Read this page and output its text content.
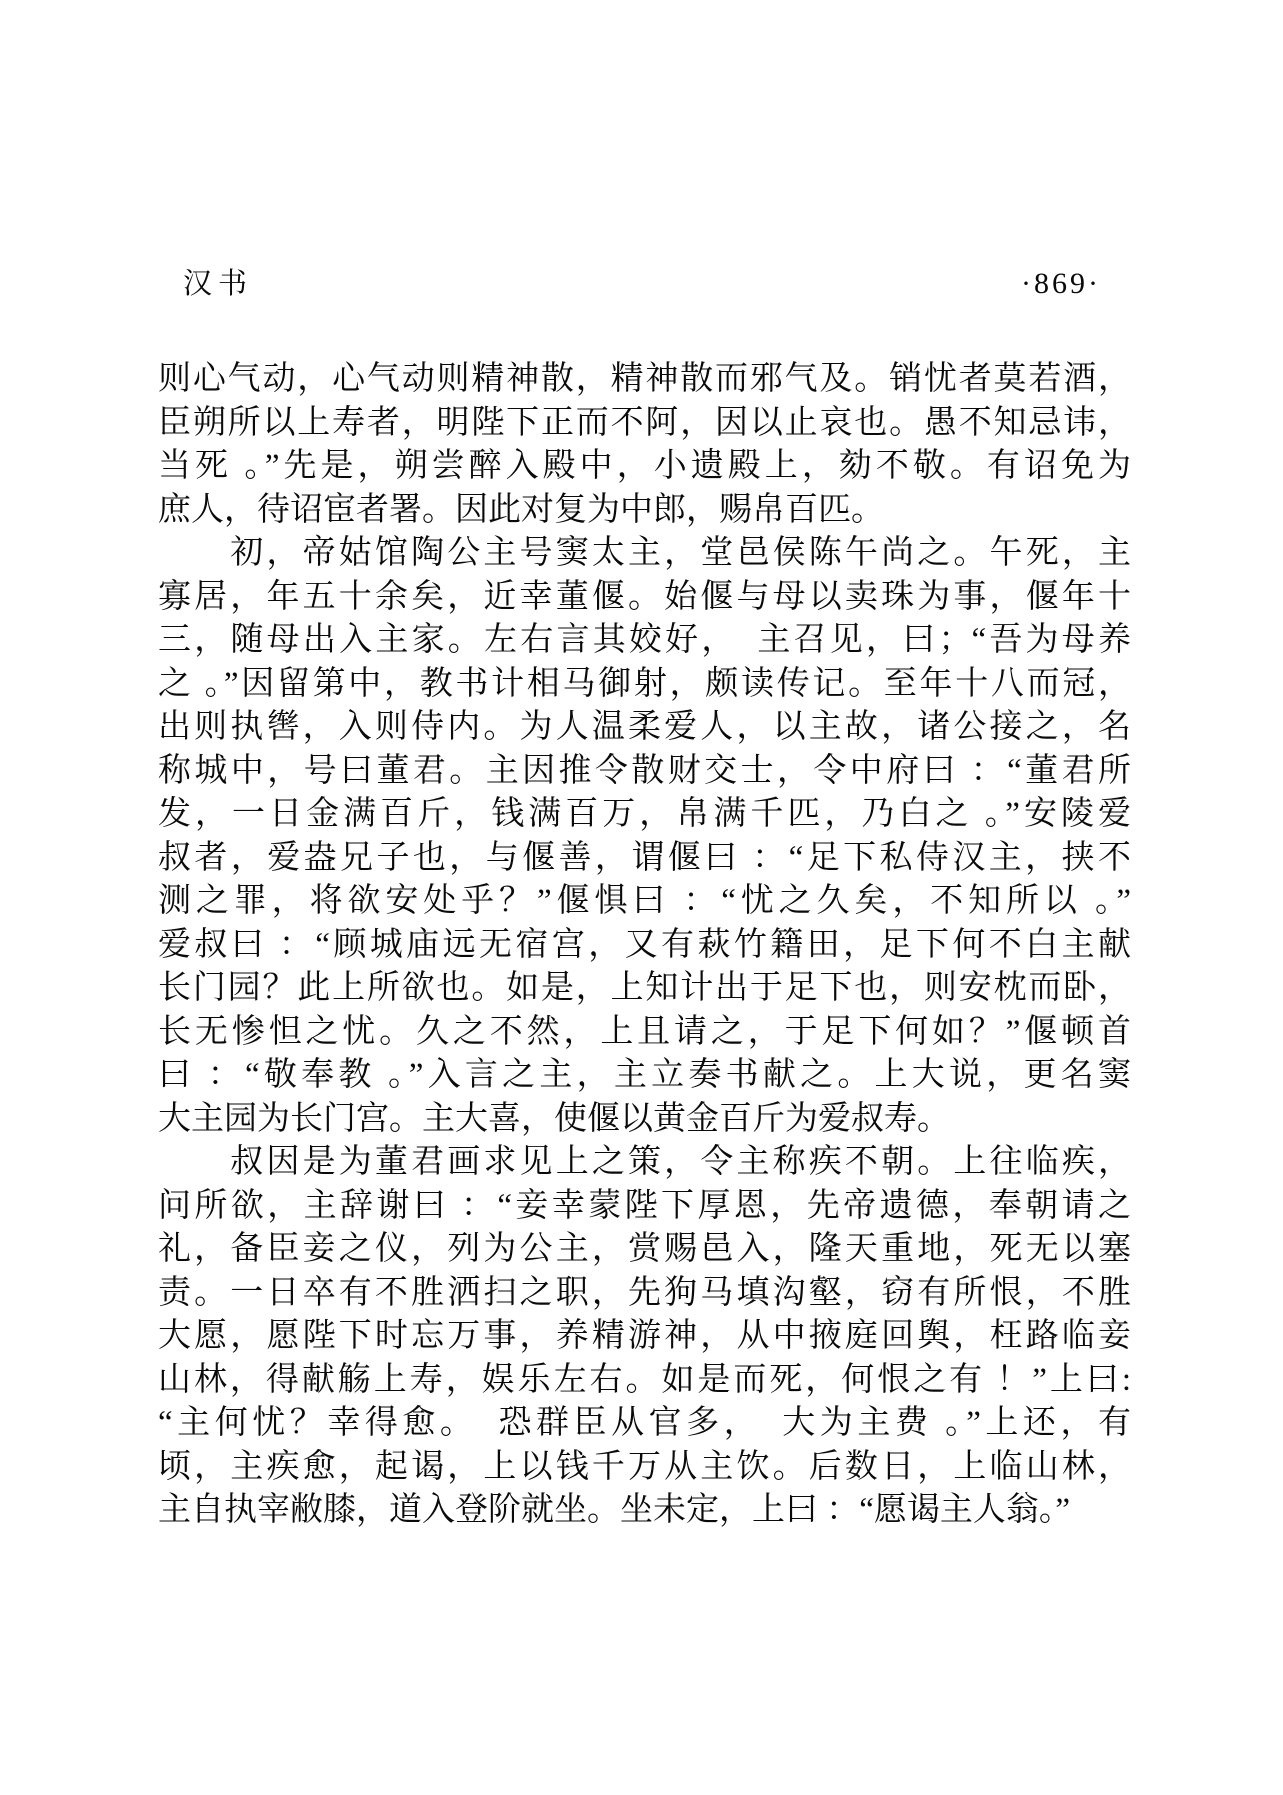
汉书	·869·
则心气动，心气动则精神散，精神散而邪气及。销忧者莫若酒，
臣朔所以上寿者，明陛下正而不阿，因以止哀也。愚不知忌讳，
当死 。”先是，朔尝醉入殿中，小遗殿上，劾不敬。有诏免为
庶人，待诏宦者署。因此对复为中郎，赐帛百匹。
　　初，帝姑馆陶公主号窦太主，堂邑侯陈午尚之。午死，主
寡居，年五十余矣，近幸董偃。始偃与母以卖珠为事，偃年十
三，随母出入主家。左右言其姣好，　主召见，曰；“吾为母养
之 。”因留第中，教书计相马御射，颇读传记。至年十八而冠，
出则执辔，入则侍内。为人温柔爱人，以主故，诸公接之，名
称城中，号曰董君。主因推令散财交士，令中府曰 ：“董君所
发，一日金满百斤，钱满百万，帛满千匹，乃白之 。”安陵爱
叔者，爱盎兄子也，与偃善，谓偃曰 ：“足下私侍汉主，挟不
测之罪，将欲安处乎？”偃惧曰 ：“忧之久矣，不知所以 。”
爱叔曰 ：“顾城庙远无宿宫，又有萩竹籍田，足下何不白主献
长门园？此上所欲也。如是，上知计出于足下也，则安枕而卧，
长无惨怛之忧。久之不然，上且请之，于足下何如？”偃顿首
曰 ：“敬奉教 。”入言之主，主立奏书献之。上大说，更名窦
大主园为长门宫。主大喜，使偃以黄金百斤为爱叔寿。
　　叔因是为董君画求见上之策，令主称疾不朝。上往临疾，
问所欲，主辞谢曰 ：“妾幸蒙陛下厚恩，先帝遗德，奉朝请之
礼，备臣妾之仪，列为公主，赏赐邑入，隆天重地，死无以塞
责。一日卒有不胜洒扫之职，先狗马填沟壑，窃有所恨，不胜
大愿，愿陛下时忘万事，养精游神，从中掖庭回舆，枉路临妾
山林，得献觞上寿，娱乐左右。如是而死，何恨之有 ！”上曰:
“主何忧？幸得愈。　恐群臣从官多，　大为主费 。”上还，有
顷，主疾愈，起谒，上以钱千万从主饮。后数日，上临山林，
主自执宰敝膝，道入登阶就坐。坐未定，上曰 ：“愿谒主人翁。”
